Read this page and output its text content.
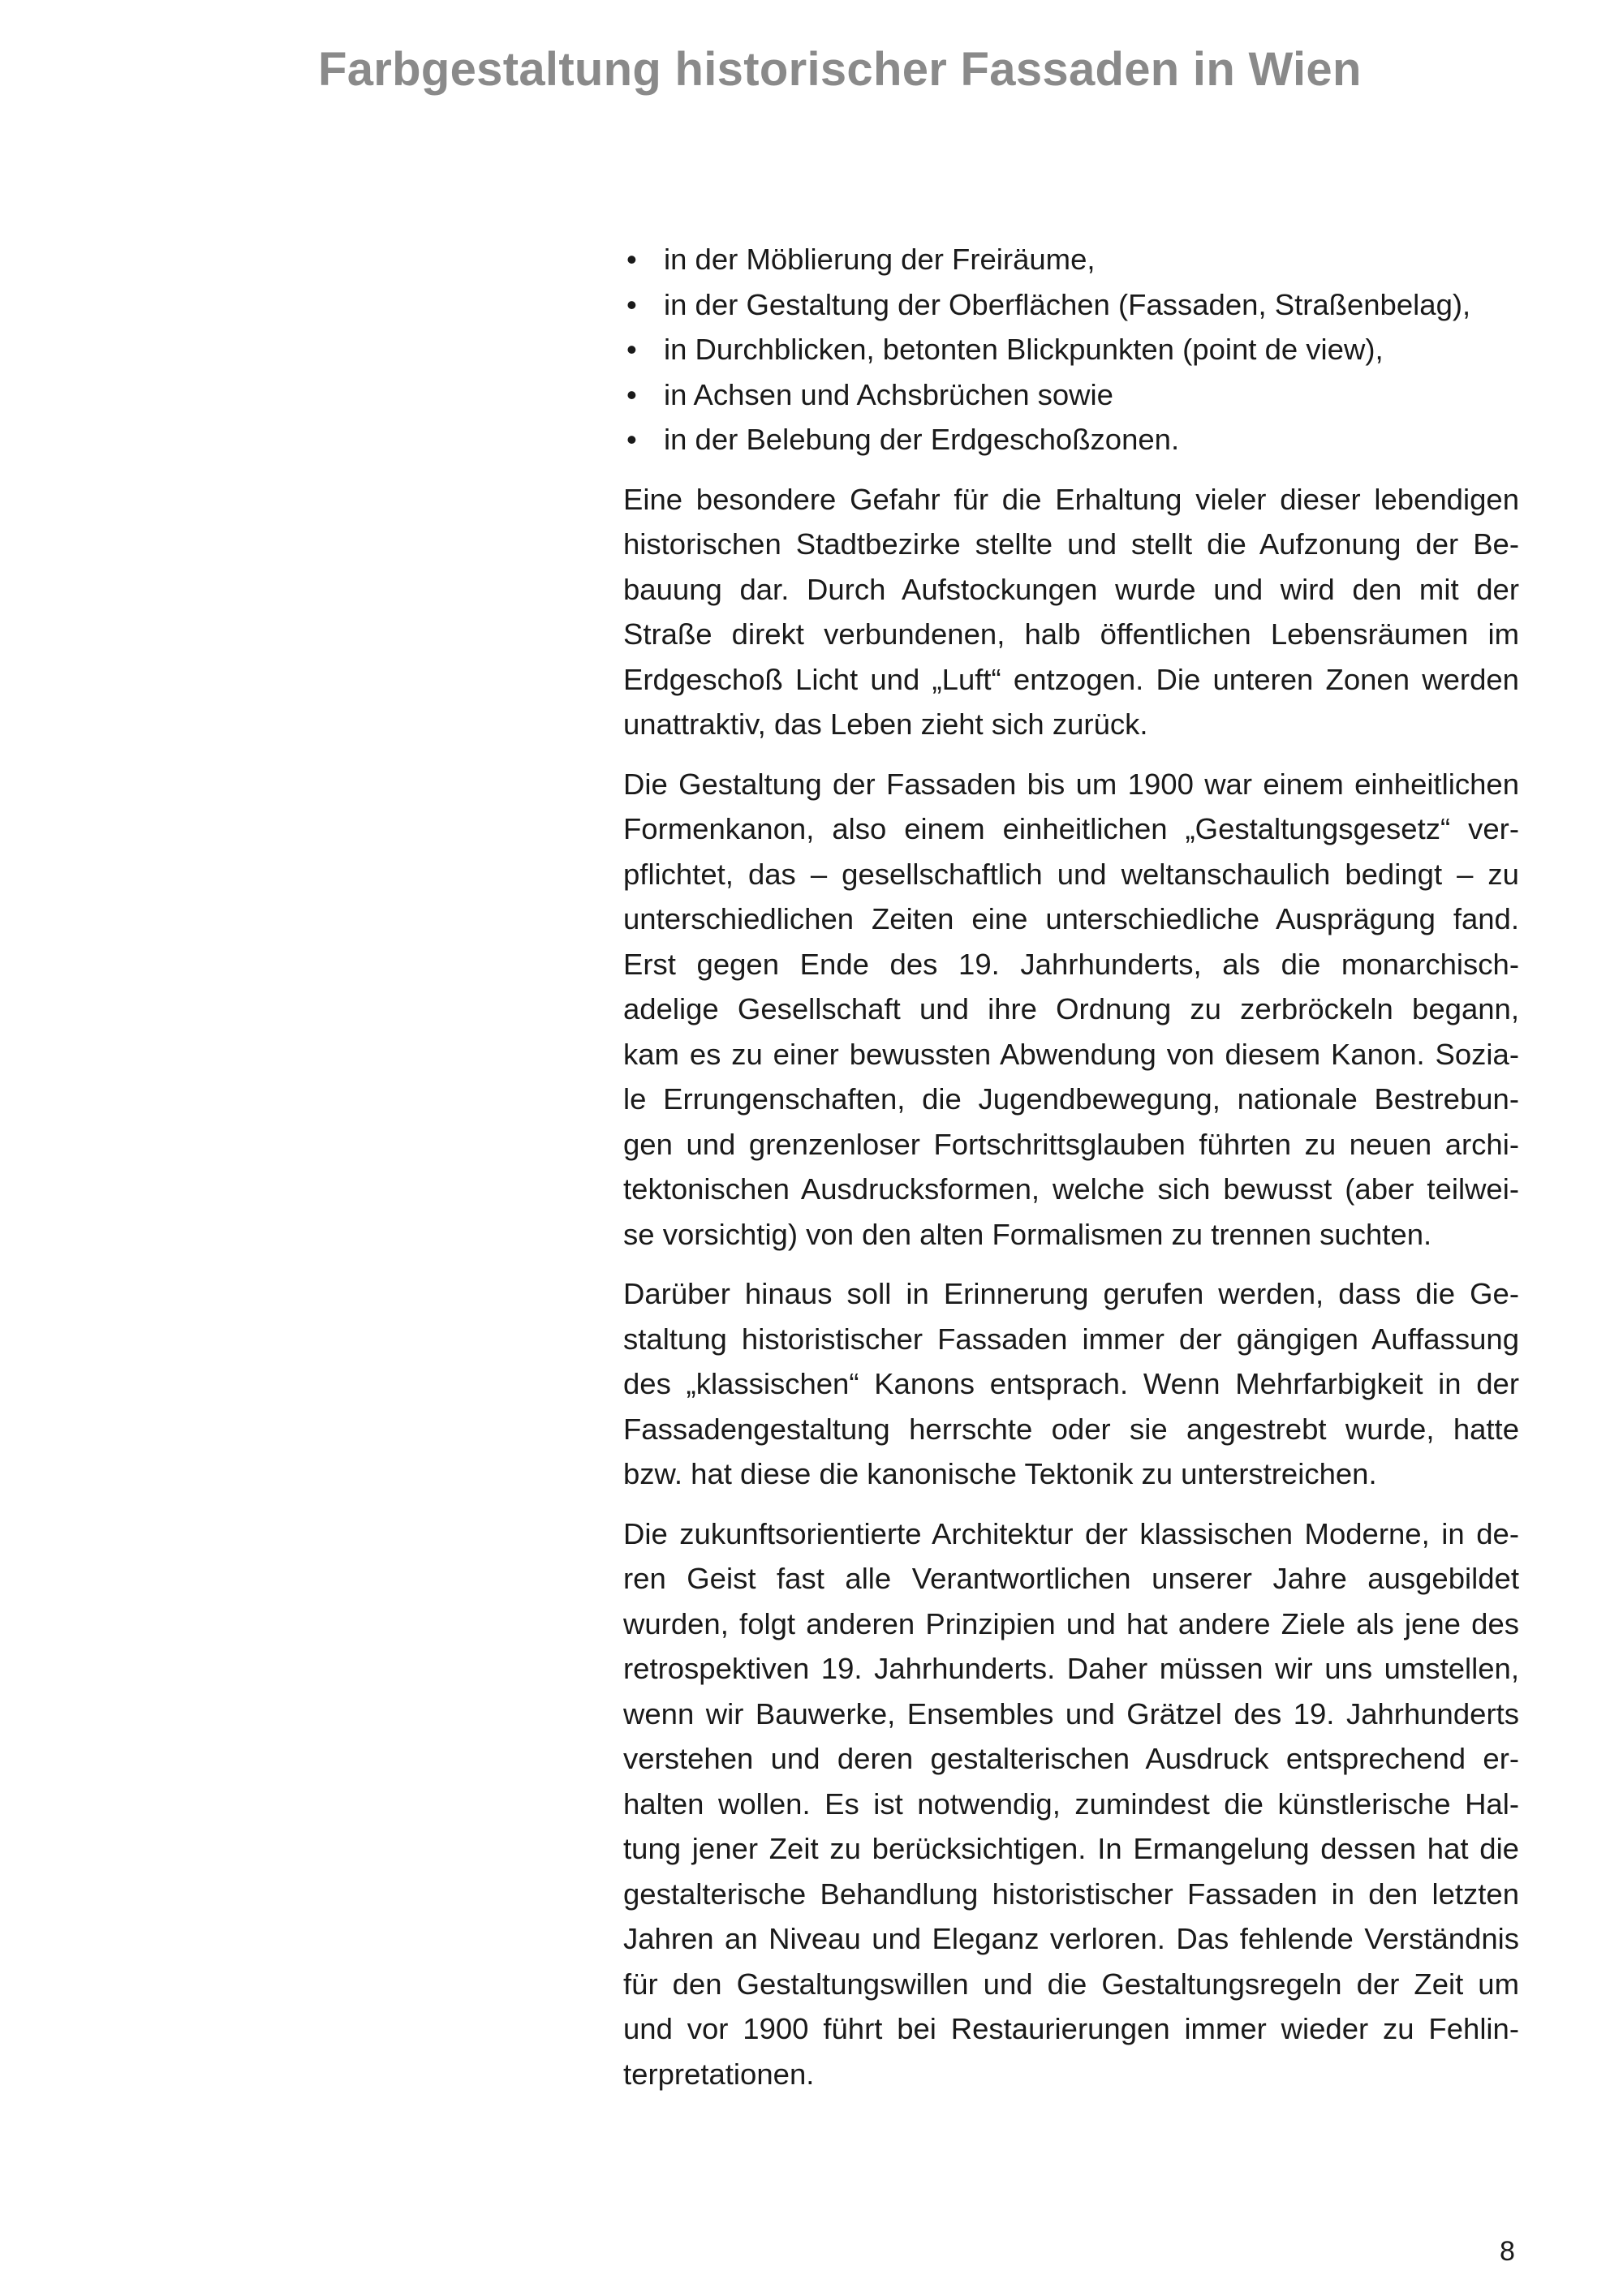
Farbgestaltung historischer Fassaden in Wien
• in der Möblierung der Freiräume,
• in der Gestaltung der Oberflächen (Fassaden, Straßenbelag),
• in Durchblicken, betonten Blickpunkten (point de view),
• in Achsen und Achsbrüchen sowie
• in der Belebung der Erdgeschoßzonen.
Eine besondere Gefahr für die Erhaltung vieler dieser lebendigen
historischen Stadtbezirke stellte und stellt die Aufzonung der Be-
bauung dar. Durch Aufstockungen wurde und wird den mit der
Straße direkt verbundenen, halb öffentlichen Lebensräumen im
Erdgeschoß Licht und „Luft“ entzogen. Die unteren Zonen werden
unattraktiv, das Leben zieht sich zurück.
Die Gestaltung der Fassaden bis um 1900 war einem einheitlichen
Formenkanon, also einem einheitlichen „Gestaltungsgesetz“ ver-
pflichtet, das – gesellschaftlich und weltanschaulich bedingt – zu
unterschiedlichen Zeiten eine unterschiedliche Ausprägung fand.
Erst gegen Ende des 19. Jahrhunderts, als die monarchisch-
adelige Gesellschaft und ihre Ordnung zu zerbröckeln begann,
kam es zu einer bewussten Abwendung von diesem Kanon. Sozia-
le Errungenschaften, die Jugendbewegung, nationale Bestrebun-
gen und grenzenloser Fortschrittsglauben führten zu neuen archi-
tektonischen Ausdrucksformen, welche sich bewusst (aber teilwei-
se vorsichtig) von den alten Formalismen zu trennen suchten.
Darüber hinaus soll in Erinnerung gerufen werden, dass die Ge-
staltung historistischer Fassaden immer der gängigen Auffassung
des „klassischen“ Kanons entsprach. Wenn Mehrfarbigkeit in der
Fassadengestaltung herrschte oder sie angestrebt wurde, hatte
bzw. hat diese die kanonische Tektonik zu unterstreichen.
Die zukunftsorientierte Architektur der klassischen Moderne, in de-
ren Geist fast alle Verantwortlichen unserer Jahre ausgebildet
wurden, folgt anderen Prinzipien und hat andere Ziele als jene des
retrospektiven 19. Jahrhunderts. Daher müssen wir uns umstellen,
wenn wir Bauwerke, Ensembles und Grätzel des 19. Jahrhunderts
verstehen und deren gestalterischen Ausdruck entsprechend er-
halten wollen. Es ist notwendig, zumindest die künstlerische Hal-
tung jener Zeit zu berücksichtigen. In Ermangelung dessen hat die
gestalterische Behandlung historistischer Fassaden in den letzten
Jahren an Niveau und Eleganz verloren. Das fehlende Verständnis
für den Gestaltungswillen und die Gestaltungsregeln der Zeit um
und vor 1900 führt bei Restaurierungen immer wieder zu Fehlin-
terpretationen.
8
